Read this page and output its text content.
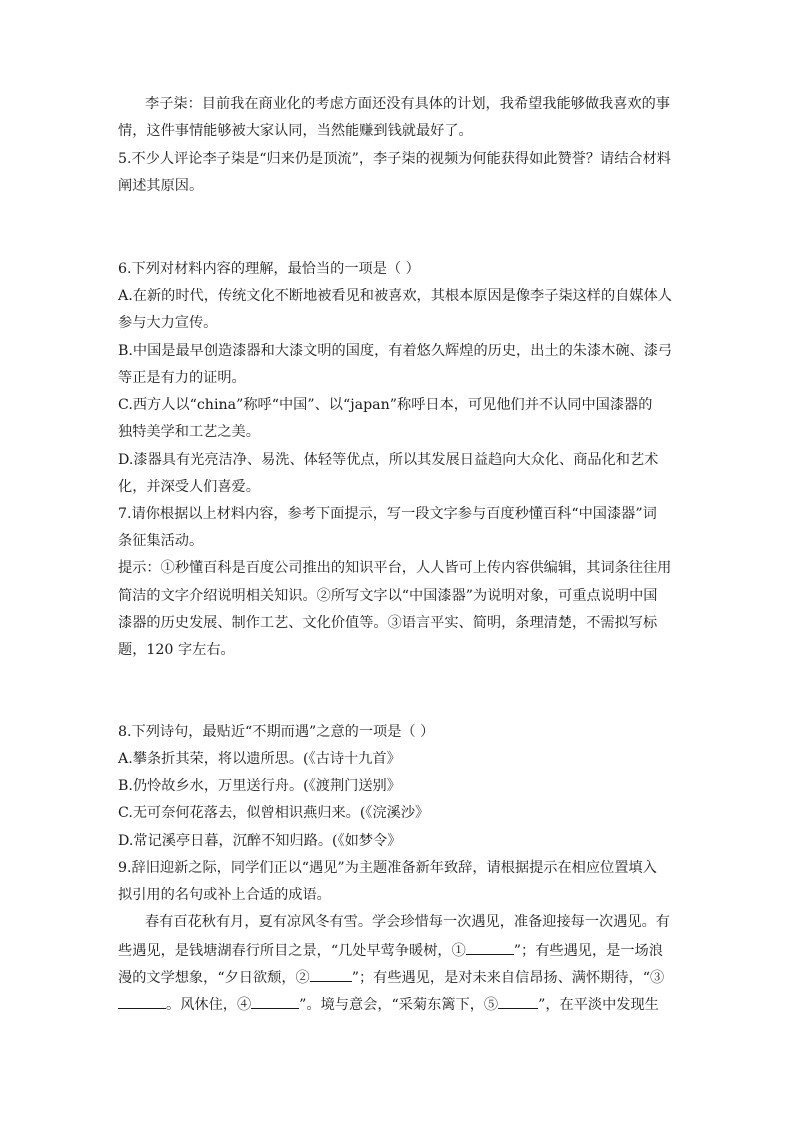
李子柒：目前我在商业化的考虑方面还没有具体的计划，我希望我能够做我喜欢的事
情，这件事情能够被大家认同，当然能赚到钱就最好了。
5.不少人评论李子柒是“归来仍是顶流”，李子柒的视频为何能获得如此赞誉？请结合材料
阐述其原因。
6.下列对材料内容的理解，最恰当的一项是（ ）
A.在新的时代，传统文化不断地被看见和被喜欢，其根本原因是像李子柒这样的自媒体人
参与大力宣传。
B.中国是最早创造漆器和大漆文明的国度，有着悠久辉煌的历史，出土的朱漆木碗、漆弓
等正是有力的证明。
C.西方人以“china”称呼“中国”、以“japan”称呼日本，可见他们并不认同中国漆器的
独特美学和工艺之美。
D.漆器具有光亮洁净、易洗、体轻等优点，所以其发展日益趋向大众化、商品化和艺术
化，并深受人们喜爱。
7.请你根据以上材料内容，参考下面提示，写一段文字参与百度秒懂百科“中国漆器”词
条征集活动。
提示：①秒懂百科是百度公司推出的知识平台，人人皆可上传内容供编辑，其词条往往用
简洁的文字介绍说明相关知识。②所写文字以“中国漆器”为说明对象，可重点说明中国
漆器的历史发展、制作工艺、文化价值等。③语言平实、简明，条理清楚，不需拟写标
题，120 字左右。
8.下列诗句，最贴近“不期而遇”之意的一项是（ ）
A.攀条折其荣，将以遗所思。(《古诗十九首》
B.仍怜故乡水，万里送行舟。(《渡荆门送别》
C.无可奈何花落去，似曾相识燕归来。(《浣溪沙》
D.常记溪亭日暮，沉醉不知归路。(《如梦令》
9.辞旧迎新之际，同学们正以“遇见”为主题准备新年致辞，请根据提示在相应位置填入
拟引用的名句或补上合适的成语。
春有百花秋有月，夏有凉风冬有雪。学会珍惜每一次遇见，准备迎接每一次遇见。有
些遇见，是钱塘湖春行所目之景，“几处早莺争暖树，①	”；有些遇见，是一场浪
漫的文学想象，“夕日欲颓，②	”；有些遇见，是对未来自信昂扬、满怀期待，“③
。风休住，④	”。境与意会，“采菊东篱下，⑤	”，在平淡中发现生
